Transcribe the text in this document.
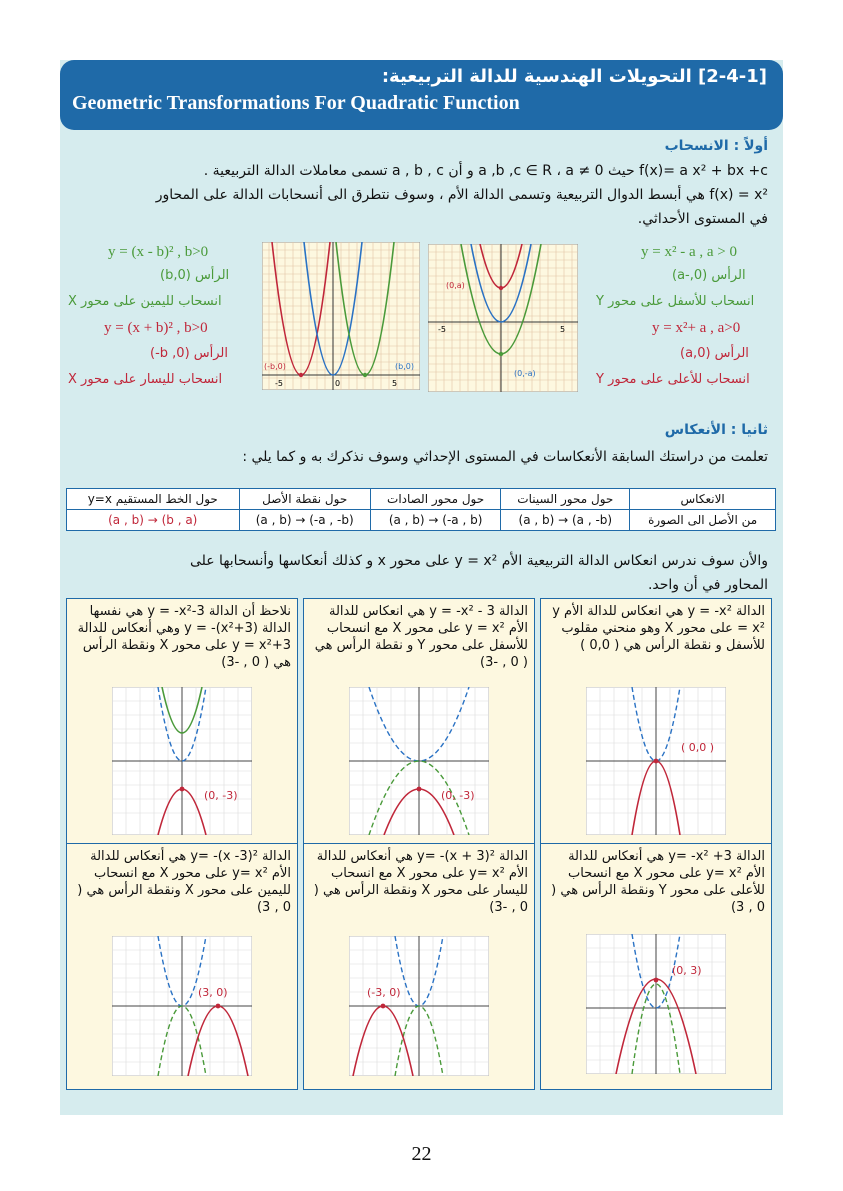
[2-4-1] التحويلات الهندسية للدالة التربيعية:
Geometric Transformations For Quadratic Function
أولاً : الانسحاب
f(x)= a x² + bx +c حيث a ,b ,c ∈ R ، a ≠ 0 و أن a , b , c تسمى معاملات الدالة التربيعية .
f(x) = x² هي أبسط الدوال التربيعية وتسمى الدالة الأم ، وسوف نتطرق الى أنسحابات الدالة على المحاور
في المستوى الأحداثي.
y = (x - b)² , b>0
الرأس (b,0)
انسحاب لليمين على محور X
y = (x + b)² , b>0
الرأس (b ,0-)
انسحاب لليسار على محور X
y = x² - a , a > 0
الرأس (a-,0)
انسحاب للأسفل على محور Y
y = x²+ a , a>0
الرأس (0,a)
انسحاب للأعلى على محور Y
(-b,0)	(b,0)
-5	5
0
(0,a)
(0,-a)
-5	5
ثانيا : الأنعكاس
تعلمت من دراستك السابقة الأنعكاسات في المستوى الإحداثي وسوف نذكرك به و كما يلي :
الانعكاس	حول محور السينات	حول محور الصادات	حول نقطة الأصل	حول الخط المستقيم y=x
من الأصل الى الصورة	(a , b) → (a , -b)	(a , b) → (-a , b)	(a , b) → (-a , -b)	(a , b) → (b , a)
والأن سوف ندرس انعكاس الدالة التربيعية الأم y = x² على محور x و كذلك أنعكاسها وأنسحابها على
المحاور في أن واحد.
الدالة y = -x² هي انعكاس للدالة الأم y = x² على محور X وهو منحني مقلوب للأسفل و نقطة الرأس هي ( 0,0 )
( 0,0 )
الدالة 3 - y = -x² هي انعكاس للدالة الأم y = x² على محور X مع انسحاب للأسفل على محور Y و نقطة الرأس هي ( 0 , -3)
(0, -3)
نلاحظ أن الدالة y = -x²-3 هي نفسها الدالة y = -(x²+3) وهي أنعكاس للدالة y = x²+3 على محور X ونقطة الرأس هي ( 0 , -3)
(0, -3)
الدالة y= -x² +3 هي أنعكاس للدالة الأم y= x² على محور X مع انسحاب للأعلى على محور Y ونقطة الرأس هي ( 0 , 3)
(0, 3)
الدالة y= -(x + 3)² هي أنعكاس للدالة الأم y= x² على محور X مع انسحاب لليسار على محور X ونقطة الرأس هي ( 0 , -3)
(-3, 0)
الدالة y= -(x -3)² هي أنعكاس للدالة الأم y= x² على محور X مع انسحاب لليمين على محور X ونقطة الرأس هي ( 0 , 3)
(3, 0)
22
